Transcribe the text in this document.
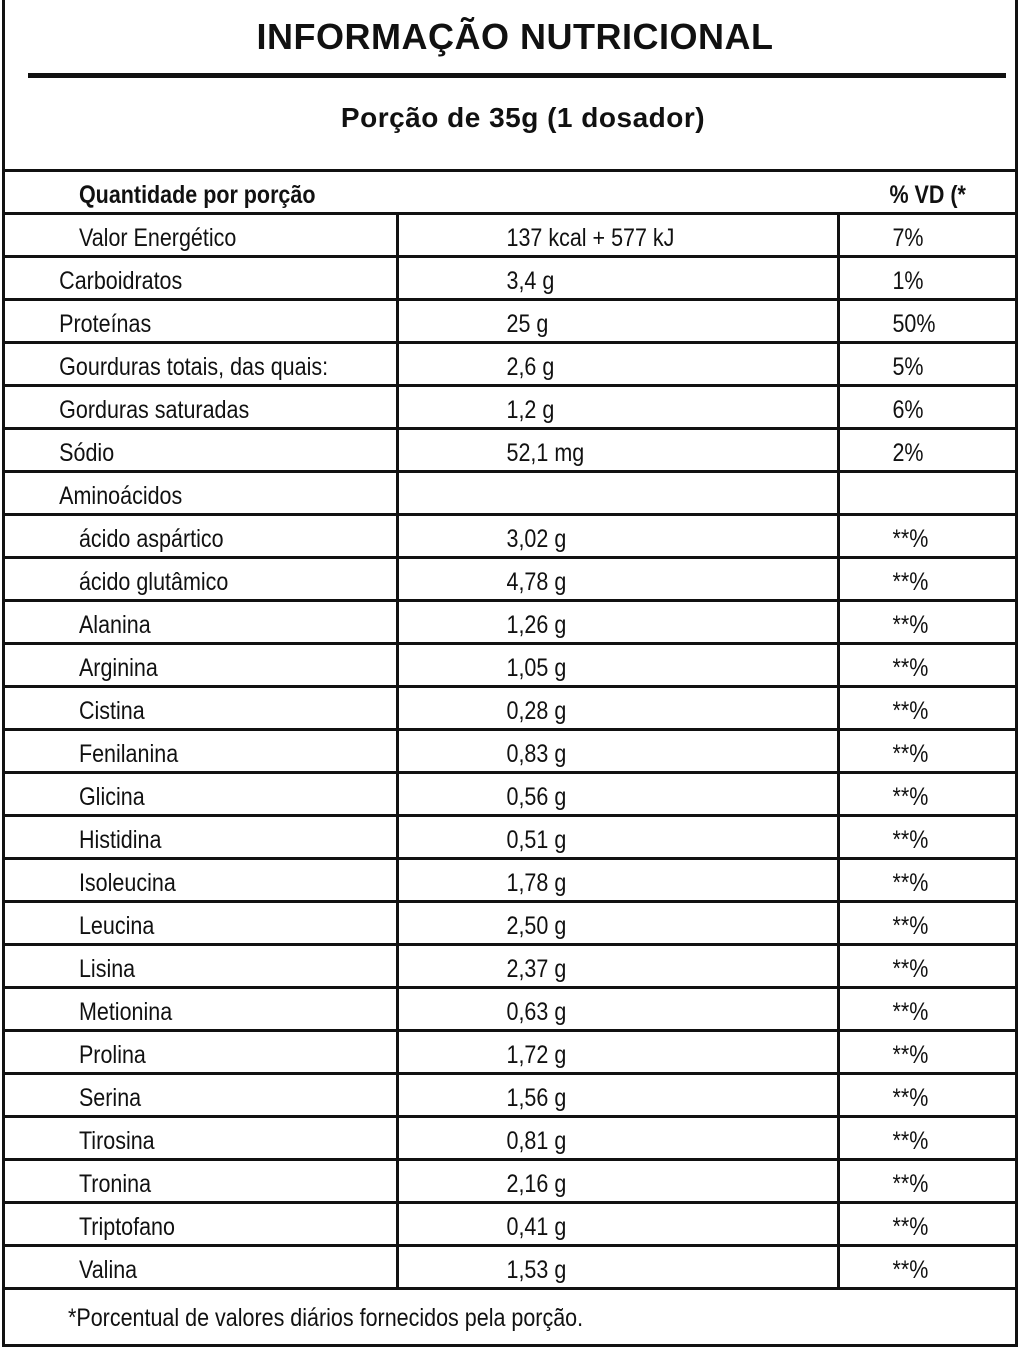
INFORMAÇÃO NUTRICIONAL
Porção de 35g (1 dosador)
Quantidade por porção	% VD (*
Valor Energético	137 kcal + 577 kJ	7%
Carboidratos	3,4 g	1%
Proteínas	25 g	50%
Gourduras totais, das quais:	2,6 g	5%
Gorduras saturadas	1,2 g	6%
Sódio	52,1 mg	2%
Aminoácidos
ácido aspártico	3,02 g	**%
ácido glutâmico	4,78 g	**%
Alanina	1,26 g	**%
Arginina	1,05 g	**%
Cistina	0,28 g	**%
Fenilanina	0,83 g	**%
Glicina	0,56 g	**%
Histidina	0,51 g	**%
Isoleucina	1,78 g	**%
Leucina	2,50 g	**%
Lisina	2,37 g	**%
Metionina	0,63 g	**%
Prolina	1,72 g	**%
Serina	1,56 g	**%
Tirosina	0,81 g	**%
Tronina	2,16 g	**%
Triptofano	0,41 g	**%
Valina	1,53 g	**%
*Porcentual de valores diários fornecidos pela porção.
